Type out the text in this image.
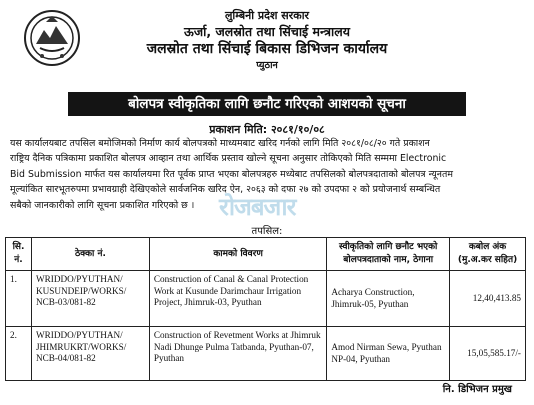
लुम्बिनी प्रदेश सरकार
ऊर्जा, जलस्रोत तथा सिंचाई मन्त्रालय
जलस्रोत तथा सिंचाई बिकास डिभिजन कार्यालय
प्युठान
बोलपत्र स्वीकृतिका लागि छनौट गरिएको आशयको सूचना
प्रकाशन मिति: २०८१/१०/०८
यस कार्यालयबाट तपसिल बमोजिमको निर्माण कार्य बोलपत्रको माध्यमबाट खरिद गर्नको लागि मिति २०८१/०८/२० गते प्रकाशन
राष्ट्रिय दैनिक पत्रिकामा प्रकाशित बोलपत्र आव्हान तथा आर्थिक प्रस्ताव खोल्ने सूचना अनुसार तोकिएको मिति सम्ममा Electronic
Bid Submission मार्फत यस कार्यालयमा रित पूर्वक प्राप्त भएका बोलपत्रहरु मध्येबाट तपसिलको बोलपत्रदाताको बोलपत्र न्यूनतम
मूल्यांकित सारभूतरुपमा प्रभावग्राही देखिएकोले सार्वजनिक खरिद ऐन, २०६३ को दफा २७ को उपदफा २ को प्रयोजनार्थ सम्बन्धित
सबैको जानकारीको लागि सूचना प्रकाशित गरिएको छ ।	रोजबजार
तपसिल:
सि. नं.	ठेक्का नं.	कामको विवरण	स्वीकृतिको लागि छनौट भएको बोलपत्रदाताको नाम, ठेगाना	कबोल अंक (मु.अ.कर सहित)
1.	WRIDDO/PYUTHAN/ KUSUNDEIP/WORKS/ NCB-03/081-82	Construction of Canal & Canal Protection Work at Kusunde Darimchaur Irrigation Project, Jhimruk-03, Pyuthan	Acharya Construction, Jhimruk-05, Pyuthan	12,40,413.85
2.	WRIDDO/PYUTHAN/ JHIMRUKRT/WORKS/ NCB-04/081-82	Construction of Revetment Works at Jhimruk Nadi Dhunge Pulma Tatbanda, Pyuthan-07, Pyuthan	Amod Nirman Sewa, Pyuthan NP-04, Pyuthan	15,05,585.17/-
नि. डिभिजन प्रमुख
